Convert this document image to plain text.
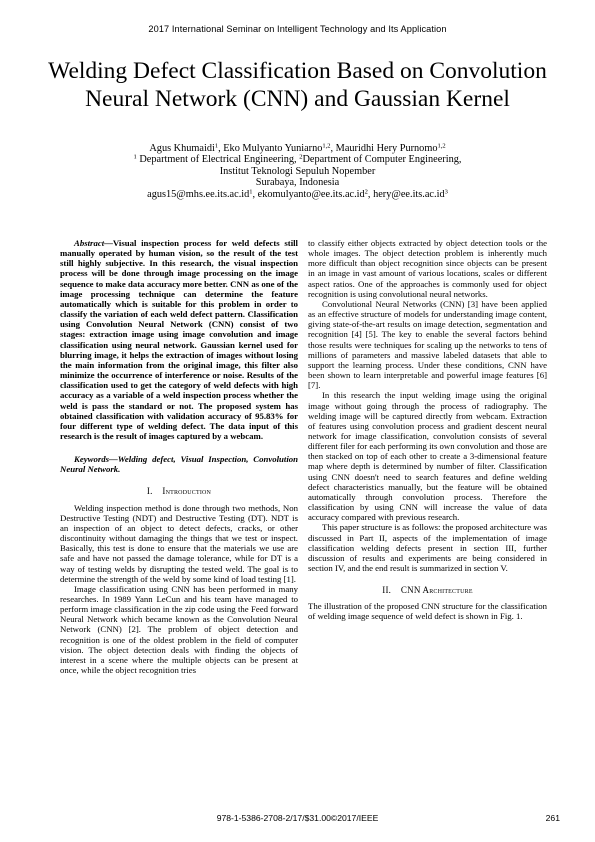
2017 International Seminar on Intelligent Technology and Its Application
Welding Defect Classification Based on Convolution
Neural Network (CNN) and Gaussian Kernel
Agus Khumaidi$^1$, Eko Mulyanto Yuniarno$^{1,2}$, Mauridhi Hery Purnomo$^{1,2}$
$^1$ Department of Electrical Engineering, $^2$Department of Computer Engineering,
Institut Teknologi Sepuluh Nopember
Surabaya, Indonesia
$agus15@mhs.ee.its.ac.id^1$, $ekomulyanto@ee.its.ac.id^2$, $hery@ee.its.ac.id^3$

Abstract—Visual inspection process for weld defects still manually operated by human vision, so the result of the test still highly subjective. In this research, the visual inspection process will be done through image processing on the image sequence to make data accuracy more better. CNN as one of the image processing technique can determine the feature automatically which is suitable for this problem in order to classify the variation of each weld defect pattern. Classification using Convolution Neural Network (CNN) consist of two stages: extraction image using image convolution and image classification using neural network. Gaussian kernel used for blurring image, it helps the extraction of images without losing the main information from the original image, this filter also minimize the occurrence of interference or noise. Results of the classification used to get the category of weld defects with high accuracy as a variable of a weld inspection process whether the weld is pass the standard or not. The proposed system has obtained classification with validation accuracy of 95.83% for four different type of welding defect. The data input of this research is the result of images captured by a webcam.

Keywords—Welding defect, Visual Inspection, Convolution Neural Network.

I. Introduction

Welding inspection method is done through two methods, Non Destructive Testing (NDT) and Destructive Testing (DT). NDT is an inspection of an object to detect defects, cracks, or other discontinuity without damaging the things that we test or inspect. Basically, this test is done to ensure that the materials we use are safe and have not passed the damage tolerance, while for DT is a way of testing welds by disrupting the tested weld. The goal is to determine the strength of the weld by some kind of load testing [1].

Image classification using CNN has been performed in many researches. In 1989 Yann LeCun and his team have managed to perform image classification in the zip code using the Feed forward Neural Network which became known as the Convolution Neural Network (CNN) [2]. The problem of object detection and recognition is one of the oldest problem in the field of computer vision. The object detection deals with finding the objects of interest in a scene where the multiple objects can be present at once, while the object recognition tries

to classify either objects extracted by object detection tools or the whole images. The object detection problem is inherently much more difficult than object recognition since objects can be present in an image in vast amount of various locations, scales or different aspect ratios. One of the approaches is commonly used for object recognition is using convolutional neural networks.

Convolutional Neural Networks (CNN) [3] have been applied as an effective structure of models for understanding image content, giving state-of-the-art results on image detection, segmentation and recognition [4] [5]. The key to enable the several factors behind those results were techniques for scaling up the networks to tens of millions of parameters and massive labeled datasets that able to support the learning process. Under these conditions, CNN have been shown to learn interpretable and powerful image features [6] [7].

In this research the input welding image using the original image without going through the process of radiography. The welding image will be captured directly from webcam. Extraction of features using convolution process and gradient descent neural network for image classification, convolution consists of several different filer for each performing its own convolution and those are then stacked on top of each other to create a 3-dimensional feature map where depth is determined by number of filter. Classification using CNN doesn't need to search features and define welding defect characteristics manually, but the feature will be obtained automatically through convolution process. Therefore the classification by using CNN will increase the value of data accuracy compared with previous research.

This paper structure is as follows: the proposed architecture was discussed in Part II, aspects of the implementation of image classification welding defects present in section III, further discussion of results and experiments are being considered in section IV, and the end result is summarized in section V.

II. CNN Architecture

The illustration of the proposed CNN structure for the classification of welding image sequence of weld defect is shown in Fig. 1.

978-1-5386-2708-2/17/$31.00©2017/IEEE	261
